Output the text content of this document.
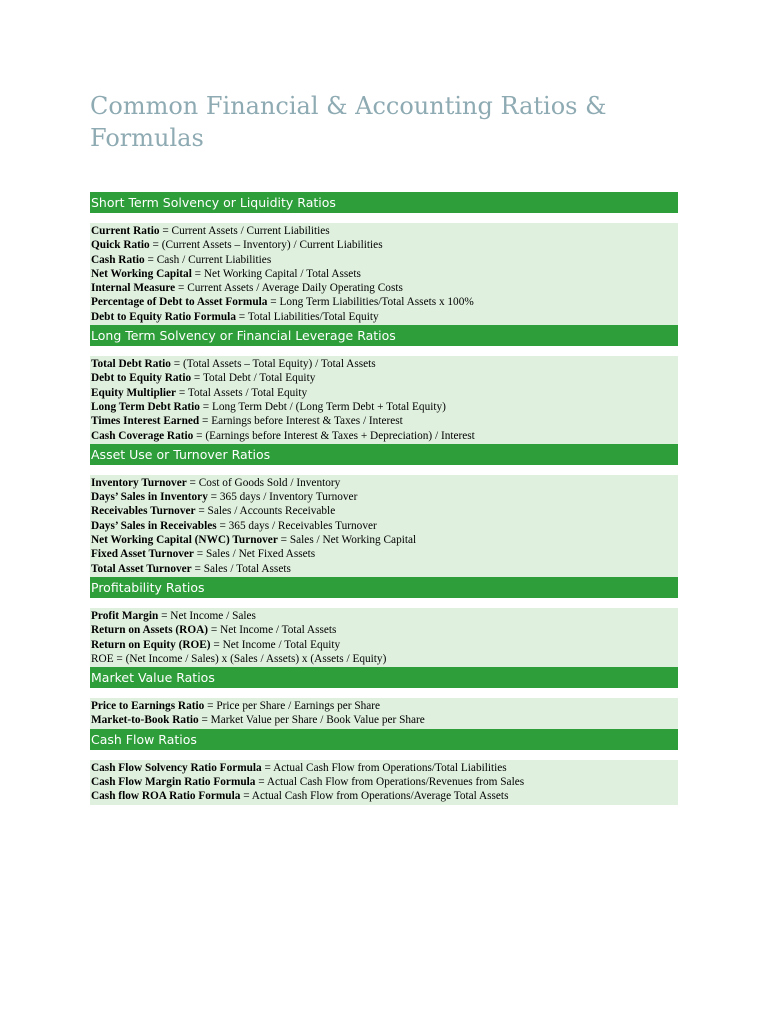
Common Financial & Accounting Ratios & Formulas
Short Term Solvency or Liquidity Ratios
Current Ratio = Current Assets / Current Liabilities
Quick Ratio = (Current Assets – Inventory) / Current Liabilities
Cash Ratio = Cash / Current Liabilities
Net Working Capital = Net Working Capital / Total Assets
Internal Measure = Current Assets / Average Daily Operating Costs
Percentage of Debt to Asset Formula = Long Term Liabilities/Total Assets x 100%
Debt to Equity Ratio Formula = Total Liabilities/Total Equity
Long Term Solvency or Financial Leverage Ratios
Total Debt Ratio = (Total Assets – Total Equity) / Total Assets
Debt to Equity Ratio = Total Debt / Total Equity
Equity Multiplier = Total Assets / Total Equity
Long Term Debt Ratio = Long Term Debt / (Long Term Debt + Total Equity)
Times Interest Earned = Earnings before Interest & Taxes / Interest
Cash Coverage Ratio = (Earnings before Interest & Taxes + Depreciation) / Interest
Asset Use or Turnover Ratios
Inventory Turnover = Cost of Goods Sold / Inventory
Days’ Sales in Inventory = 365 days / Inventory Turnover
Receivables Turnover = Sales / Accounts Receivable
Days’ Sales in Receivables = 365 days / Receivables Turnover
Net Working Capital (NWC) Turnover = Sales / Net Working Capital
Fixed Asset Turnover = Sales / Net Fixed Assets
Total Asset Turnover = Sales / Total Assets
Profitability Ratios
Profit Margin = Net Income / Sales
Return on Assets (ROA) = Net Income / Total Assets
Return on Equity (ROE) = Net Income / Total Equity
ROE = (Net Income / Sales) x (Sales / Assets) x (Assets / Equity)
Market Value Ratios
Price to Earnings Ratio = Price per Share / Earnings per Share
Market-to-Book Ratio = Market Value per Share / Book Value per Share
Cash Flow Ratios
Cash Flow Solvency Ratio Formula = Actual Cash Flow from Operations/Total Liabilities
Cash Flow Margin Ratio Formula = Actual Cash Flow from Operations/Revenues from Sales
Cash flow ROA Ratio Formula = Actual Cash Flow from Operations/Average Total Assets
